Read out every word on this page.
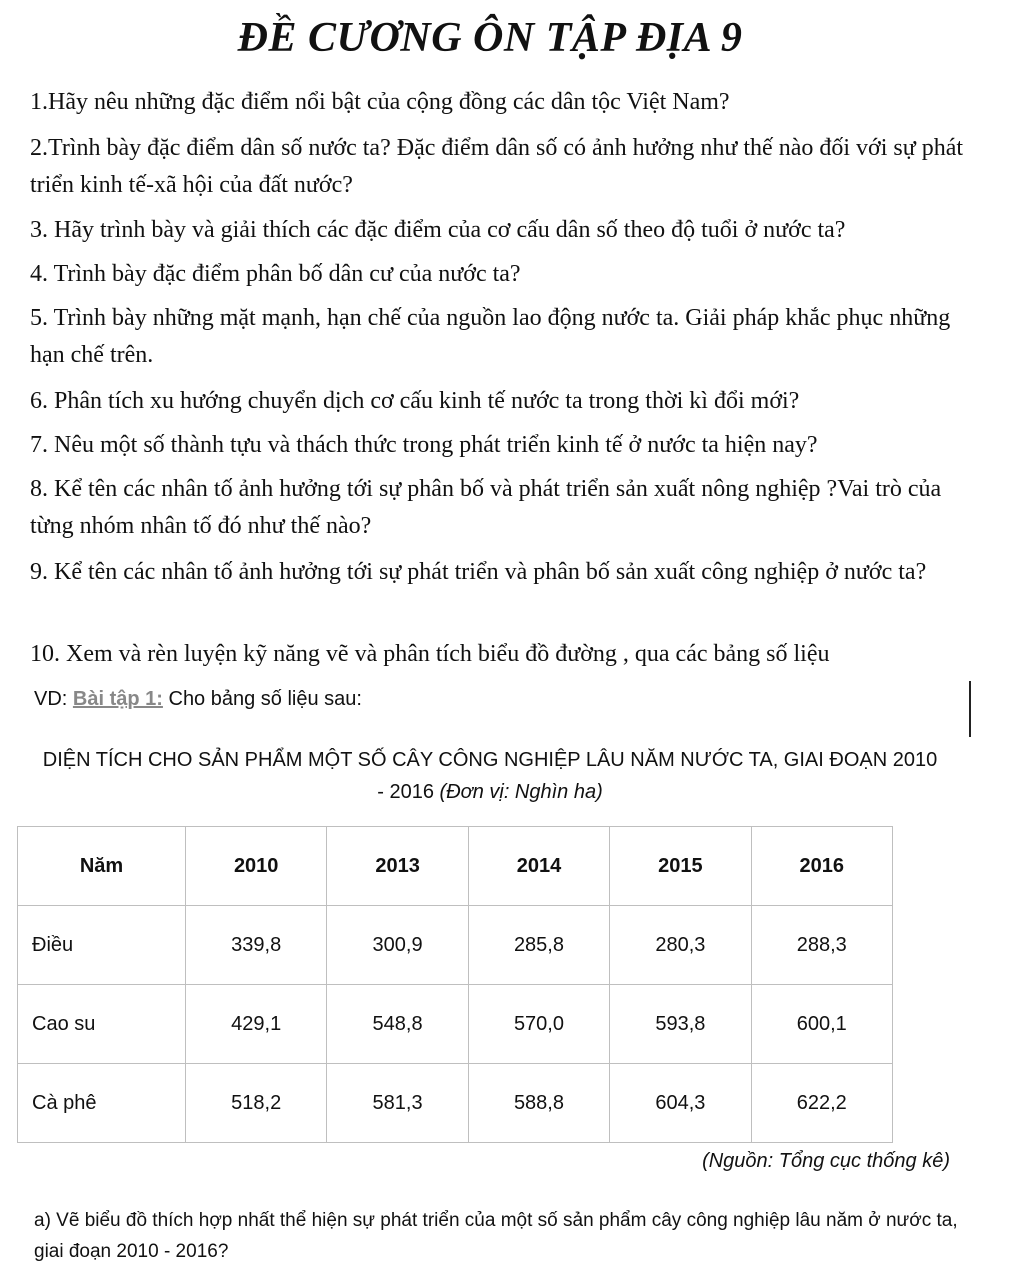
ĐỀ CƯƠNG ÔN TẬP ĐỊA 9
1.Hãy nêu những đặc điểm nổi bật của cộng đồng các dân tộc Việt Nam?
2.Trình bày đặc điểm dân số nước ta? Đặc điểm dân số có ảnh hưởng như thế nào đối với sự phát triển kinh tế-xã hội của đất nước?
3. Hãy trình bày và giải thích các đặc điểm của cơ cấu dân số theo độ tuổi ở nước ta?
4. Trình bày đặc điểm phân bố dân cư của nước ta?
5. Trình bày những mặt mạnh, hạn chế của nguồn lao động nước ta. Giải pháp khắc phục những hạn chế trên.
6. Phân tích xu hướng chuyển dịch cơ cấu kinh tế nước ta trong thời kì đổi mới?
7. Nêu một số thành tựu và thách thức trong phát triển kinh tế ở nước ta hiện nay?
8. Kể tên các nhân tố ảnh hưởng tới sự phân bố và phát triển sản xuất nông nghiệp ?Vai trò của từng nhóm nhân tố đó như thế nào?
9. Kể tên các nhân tố ảnh hưởng tới sự phát triển và phân bố sản xuất công nghiệp ở nước ta?
10. Xem và rèn luyện kỹ năng vẽ và phân tích biểu đồ đường , qua các bảng số liệu
VD: Bài tập 1: Cho bảng số liệu sau:
DIỆN TÍCH CHO SẢN PHẨM MỘT SỐ CÂY CÔNG NGHIỆP LÂU NĂM NƯỚC TA, GIAI ĐOẠN 2010 - 2016 (Đơn vị: Nghìn ha)
Năm	2010	2013	2014	2015	2016
Điều	339,8	300,9	285,8	280,3	288,3
Cao su	429,1	548,8	570,0	593,8	600,1
Cà phê	518,2	581,3	588,8	604,3	622,2
(Nguồn: Tổng cục thống kê)
a) Vẽ biểu đồ thích hợp nhất thể hiện sự phát triển của một số sản phẩm cây công nghiệp lâu năm ở nước ta, giai đoạn 2010 - 2016?
